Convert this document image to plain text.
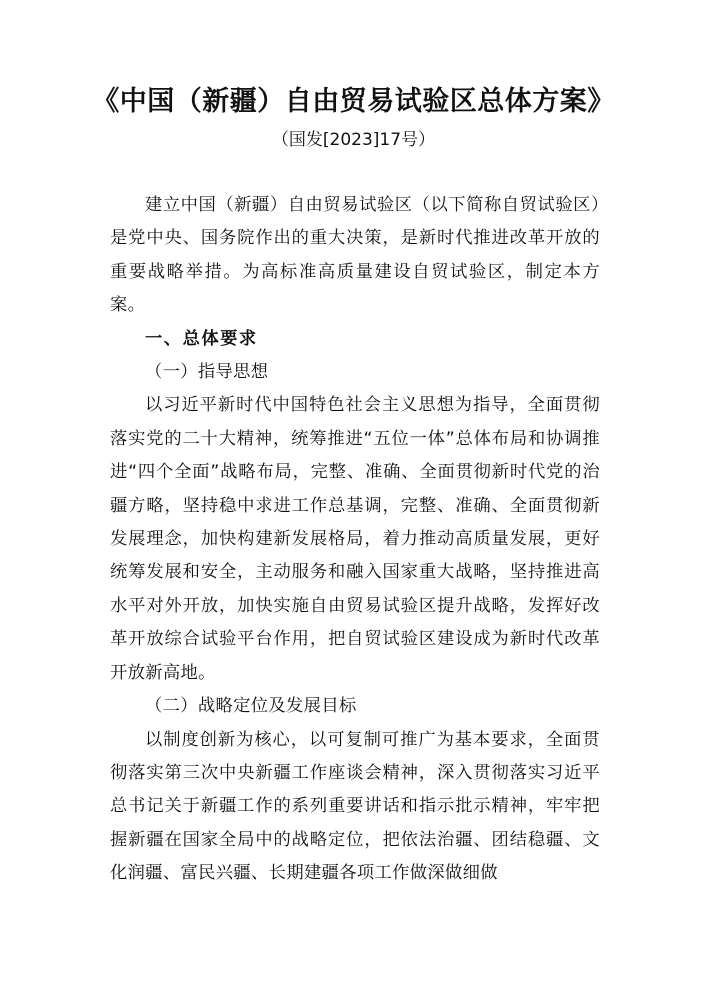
《中国（新疆）自由贸易试验区总体方案》
（国发[2023]17号）

建立中国（新疆）自由贸易试验区（以下简称自贸试验区）是党中央、国务院作出的重大决策，是新时代推进改革开放的重要战略举措。为高标准高质量建设自贸试验区，制定本方案。

一、总体要求

（一）指导思想

以习近平新时代中国特色社会主义思想为指导，全面贯彻落实党的二十大精神，统筹推进“五位一体”总体布局和协调推进“四个全面”战略布局，完整、准确、全面贯彻新时代党的治疆方略，坚持稳中求进工作总基调，完整、准确、全面贯彻新发展理念，加快构建新发展格局，着力推动高质量发展，更好统筹发展和安全，主动服务和融入国家重大战略，坚持推进高水平对外开放，加快实施自由贸易试验区提升战略，发挥好改革开放综合试验平台作用，把自贸试验区建设成为新时代改革开放新高地。

（二）战略定位及发展目标

以制度创新为核心，以可复制可推广为基本要求，全面贯彻落实第三次中央新疆工作座谈会精神，深入贯彻落实习近平总书记关于新疆工作的系列重要讲话和指示批示精神，牢牢把握新疆在国家全局中的战略定位，把依法治疆、团结稳疆、文化润疆、富民兴疆、长期建疆各项工作做深做细做
